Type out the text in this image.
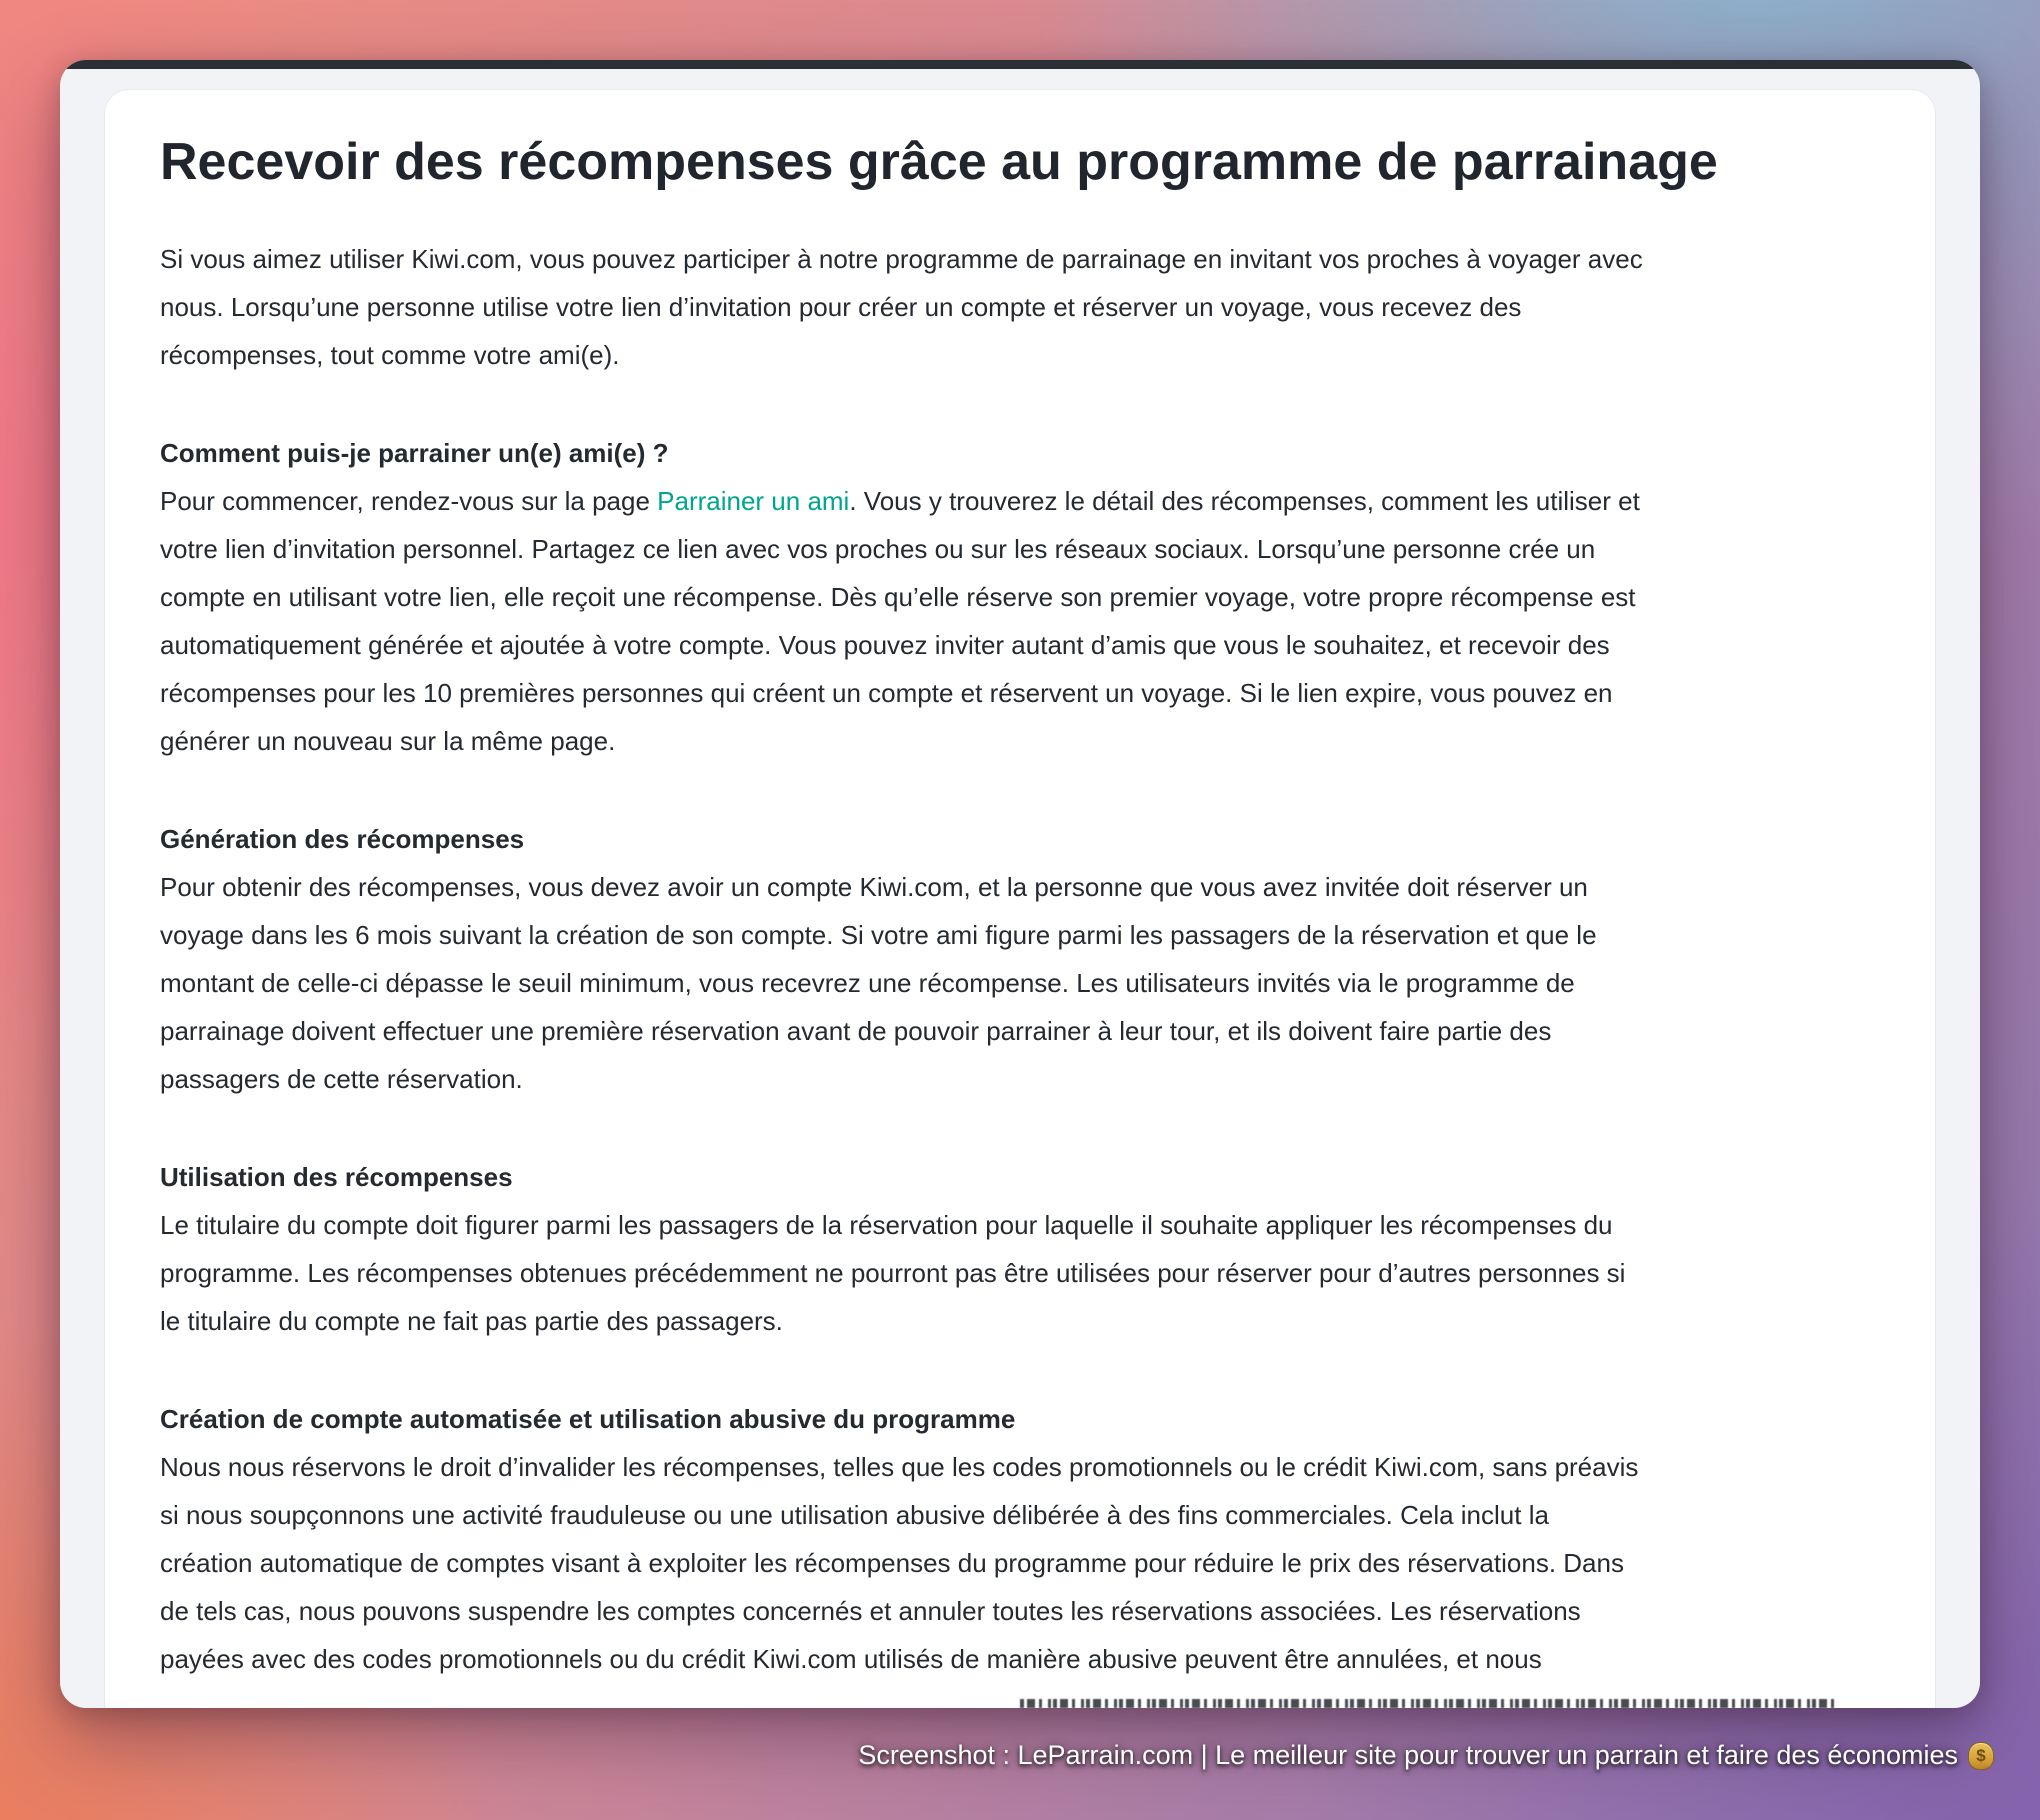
Recevoir des récompenses grâce au programme de parrainage

Si vous aimez utiliser Kiwi.com, vous pouvez participer à notre programme de parrainage en invitant vos proches à voyager avec
nous. Lorsqu’une personne utilise votre lien d’invitation pour créer un compte et réserver un voyage, vous recevez des
récompenses, tout comme votre ami(e).

Comment puis-je parrainer un(e) ami(e) ?

Pour commencer, rendez-vous sur la page Parrainer un ami. Vous y trouverez le détail des récompenses, comment les utiliser et
votre lien d’invitation personnel. Partagez ce lien avec vos proches ou sur les réseaux sociaux. Lorsqu’une personne crée un
compte en utilisant votre lien, elle reçoit une récompense. Dès qu’elle réserve son premier voyage, votre propre récompense est
automatiquement générée et ajoutée à votre compte. Vous pouvez inviter autant d’amis que vous le souhaitez, et recevoir des
récompenses pour les 10 premières personnes qui créent un compte et réservent un voyage. Si le lien expire, vous pouvez en
générer un nouveau sur la même page.

Génération des récompenses

Pour obtenir des récompenses, vous devez avoir un compte Kiwi.com, et la personne que vous avez invitée doit réserver un
voyage dans les 6 mois suivant la création de son compte. Si votre ami figure parmi les passagers de la réservation et que le
montant de celle-ci dépasse le seuil minimum, vous recevrez une récompense. Les utilisateurs invités via le programme de
parrainage doivent effectuer une première réservation avant de pouvoir parrainer à leur tour, et ils doivent faire partie des
passagers de cette réservation.

Utilisation des récompenses

Le titulaire du compte doit figurer parmi les passagers de la réservation pour laquelle il souhaite appliquer les récompenses du
programme. Les récompenses obtenues précédemment ne pourront pas être utilisées pour réserver pour d’autres personnes si
le titulaire du compte ne fait pas partie des passagers.

Création de compte automatisée et utilisation abusive du programme

Nous nous réservons le droit d’invalider les récompenses, telles que les codes promotionnels ou le crédit Kiwi.com, sans préavis
si nous soupçonnons une activité frauduleuse ou une utilisation abusive délibérée à des fins commerciales. Cela inclut la
création automatique de comptes visant à exploiter les récompenses du programme pour réduire le prix des réservations. Dans
de tels cas, nous pouvons suspendre les comptes concernés et annuler toutes les réservations associées. Les réservations
payées avec des codes promotionnels ou du crédit Kiwi.com utilisés de manière abusive peuvent être annulées, et nous

Screenshot : LeParrain.com | Le meilleur site pour trouver un parrain et faire des économies	$
